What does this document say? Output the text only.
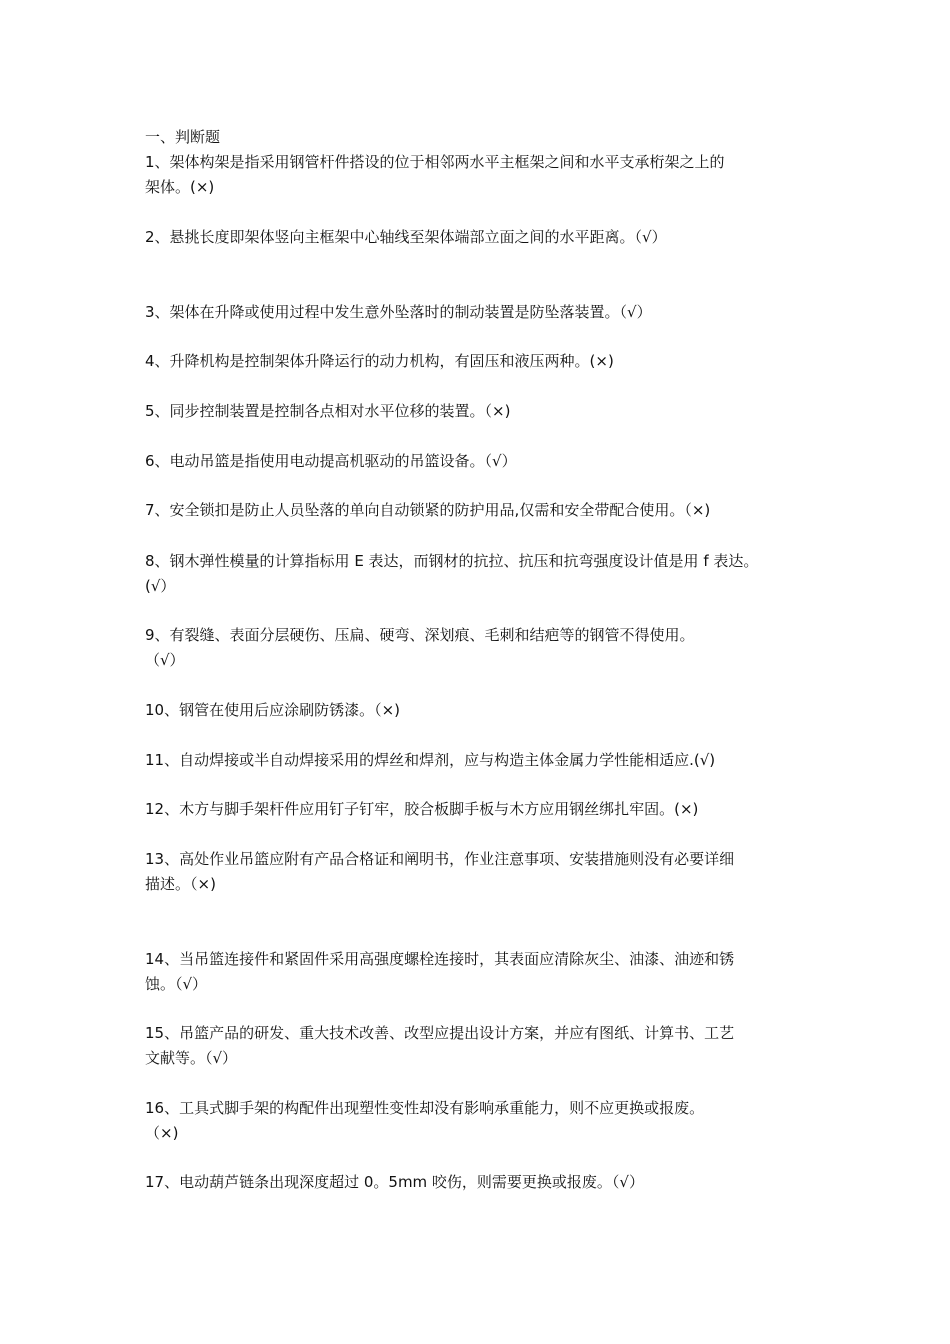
一、判断题
1、架体构架是指采用钢管杆件搭设的位于相邻两水平主框架之间和水平支承桁架之上的
架体。(×)
2、悬挑长度即架体竖向主框架中心轴线至架体端部立面之间的水平距离。（√）
3、架体在升降或使用过程中发生意外坠落时的制动装置是防坠落装置。（√）
4、升降机构是控制架体升降运行的动力机构，有固压和液压两种。(×)
5、同步控制装置是控制各点相对水平位移的装置。（×)
6、电动吊篮是指使用电动提高机驱动的吊篮设备。（√）
7、安全锁扣是防止人员坠落的单向自动锁紧的防护用品,仅需和安全带配合使用。（×)
8、钢木弹性模量的计算指标用 E 表达，而钢材的抗拉、抗压和抗弯强度设计值是用 f 表达。
(√）
9、有裂缝、表面分层硬伤、压扁、硬弯、深划痕、毛刺和结疤等的钢管不得使用。
（√）
10、钢管在使用后应涂刷防锈漆。（×)
11、自动焊接或半自动焊接采用的焊丝和焊剂，应与构造主体金属力学性能相适应.(√)
12、木方与脚手架杆件应用钉子钉牢，胶合板脚手板与木方应用钢丝绑扎牢固。(×)
13、高处作业吊篮应附有产品合格证和阐明书，作业注意事项、安装措施则没有必要详细
描述。（×)
14、当吊篮连接件和紧固件采用高强度螺栓连接时，其表面应清除灰尘、油漆、油迹和锈
蚀。（√）
15、吊篮产品的研发、重大技术改善、改型应提出设计方案，并应有图纸、计算书、工艺
文献等。（√）
16、工具式脚手架的构配件出现塑性变性却没有影响承重能力，则不应更换或报废。
（×)
17、电动葫芦链条出现深度超过 0。5mm 咬伤，则需要更换或报废。（√）
